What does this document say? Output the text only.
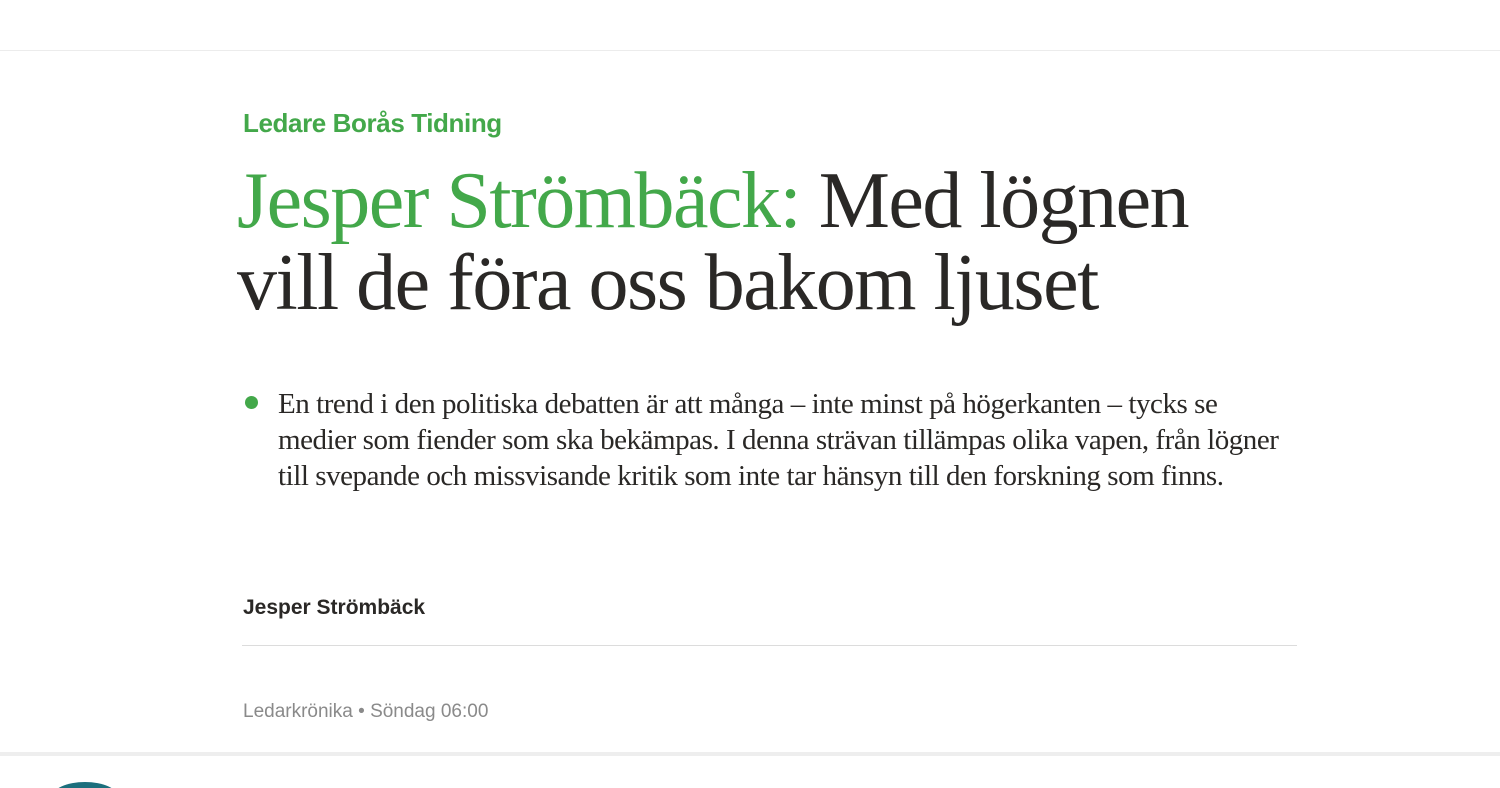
Ledare Borås Tidning
Jesper Strömbäck: Med lögnen vill de föra oss bakom ljuset
En trend i den politiska debatten är att många – inte minst på högerkanten – tycks se medier som fiender som ska bekämpas. I denna strävan tillämpas olika vapen, från lögner till svepande och missvisande kritik som inte tar hänsyn till den forskning som finns.
Jesper Strömbäck
Ledarkrönika • Söndag 06:00
